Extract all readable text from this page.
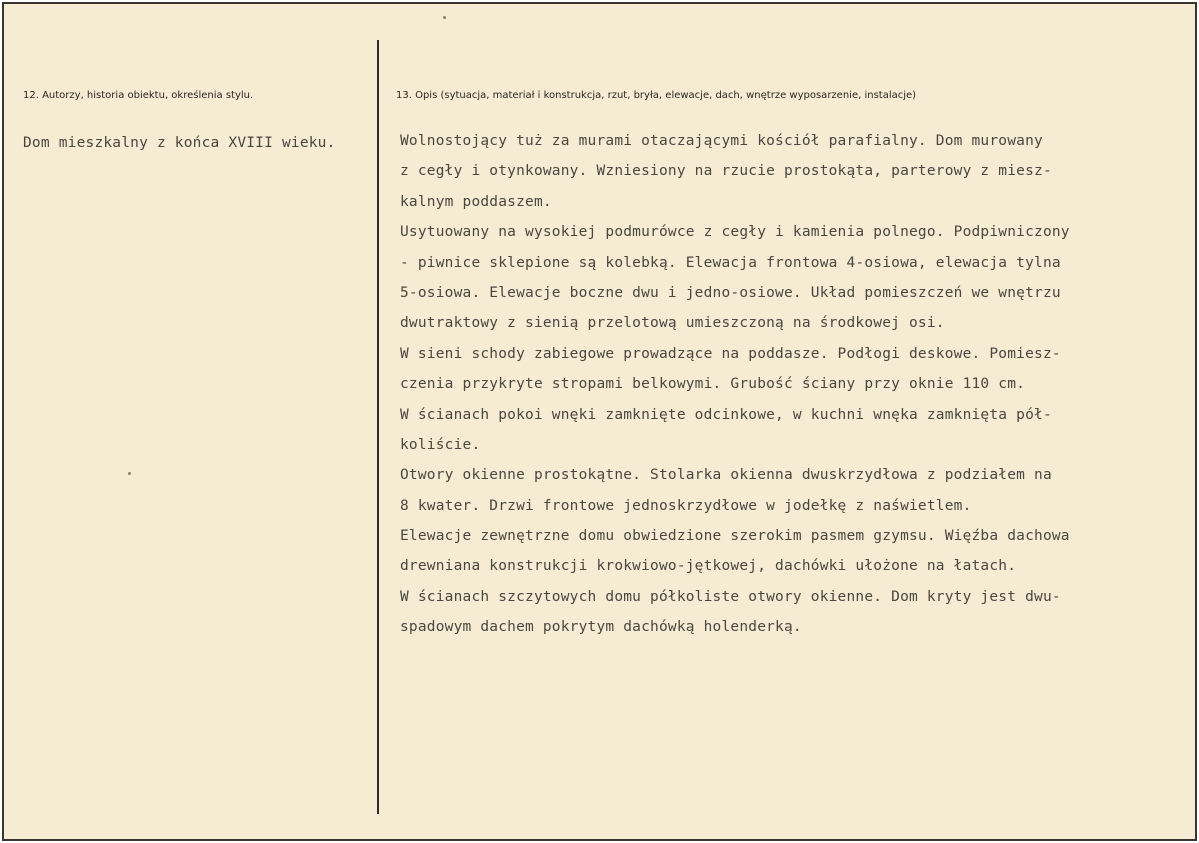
12. Autorzy, historia obiektu, określenia stylu.	13. Opis (sytuacja, materiał i konstrukcja, rzut, bryła, elewacje, dach, wnętrze wyposarzenie, instalacje)
Dom mieszkalny z końca XVIII wieku.	Wolnostojący tuż za murami otaczającymi kościół parafialny. Dom murowany
z cegły i otynkowany. Wzniesiony na rzucie prostokąta, parterowy z miesz-
kalnym poddaszem.
Usytuowany na wysokiej podmurówce z cegły i kamienia polnego. Podpiwniczony
- piwnice sklepione są kolebką. Elewacja frontowa 4-osiowa, elewacja tylna
5-osiowa. Elewacje boczne dwu i jedno-osiowe. Układ pomieszczeń we wnętrzu
dwutraktowy z sienią przelotową umieszczoną na środkowej osi.
W sieni schody zabiegowe prowadzące na poddasze. Podłogi deskowe. Pomiesz-
czenia przykryte stropami belkowymi. Grubość ściany przy oknie 110 cm.
W ścianach pokoi wnęki zamknięte odcinkowe, w kuchni wnęka zamknięta pół-
koliście.
Otwory okienne prostokątne. Stolarka okienna dwuskrzydłowa z podziałem na
8 kwater. Drzwi frontowe jednoskrzydłowe w jodełkę z naświetlem.
Elewacje zewnętrzne domu obwiedzione szerokim pasmem gzymsu. Więźba dachowa
drewniana konstrukcji krokwiowo-jętkowej, dachówki ułożone na łatach.
W ścianach szczytowych domu półkoliste otwory okienne. Dom kryty jest dwu-
spadowym dachem pokrytym dachówką holenderką.
